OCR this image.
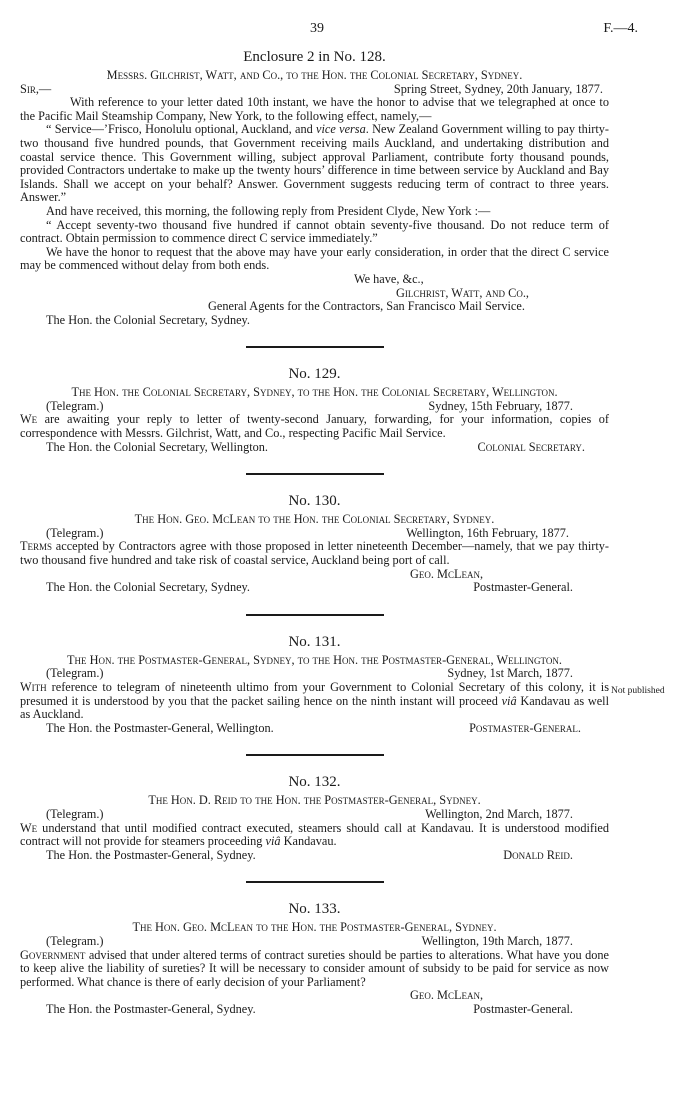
39	F.—4.
Enclosure 2 in No. 128.

Messrs. Gilchrist, Watt, and Co., to the Hon. the Colonial Secretary, Sydney.

Sir,—	Spring Street, Sydney, 20th January, 1877.

With reference to your letter dated 10th instant, we have the honor to advise that we telegraphed at once to the Pacific Mail Steamship Company, New York, to the following effect, namely,—

“ Service—’Frisco, Honolulu optional, Auckland, and vice versa. New Zealand Government willing to pay thirty-two thousand five hundred pounds, that Government receiving mails Auckland, and undertaking distribution and coastal service thence. This Government willing, subject approval Parliament, contribute forty thousand pounds, provided Contractors undertake to make up the twenty hours’ difference in time between service by Auckland and Bay Islands. Shall we accept on your behalf? Answer. Government suggests reducing term of contract to three years. Answer.”

And have received, this morning, the following reply from President Clyde, New York :—

“ Accept seventy-two thousand five hundred if cannot obtain seventy-five thousand. Do not reduce term of contract. Obtain permission to commence direct C service immediately.”

We have the honor to request that the above may have your early consideration, in order that the direct C service may be commenced without delay from both ends.

We have, &c.,

Gilchrist, Watt, and Co.,

General Agents for the Contractors, San Francisco Mail Service.

The Hon. the Colonial Secretary, Sydney.

No. 129.

The Hon. the Colonial Secretary, Sydney, to the Hon. the Colonial Secretary, Wellington.

(Telegram.)	Sydney, 15th February, 1877.

We are awaiting your reply to letter of twenty-second January, forwarding, for your information, copies of correspondence with Messrs. Gilchrist, Watt, and Co., respecting Pacific Mail Service.

The Hon. the Colonial Secretary, Wellington.	Colonial Secretary.
No. 130.

The Hon. Geo. McLean to the Hon. the Colonial Secretary, Sydney.

(Telegram.)	Wellington, 16th February, 1877.

Terms accepted by Contractors agree with those proposed in letter nineteenth December—namely, that we pay thirty-two thousand five hundred and take risk of coastal service, Auckland being port of call.

Geo. McLean,

The Hon. the Colonial Secretary, Sydney.	Postmaster-General.
No. 131.

The Hon. the Postmaster-General, Sydney, to the Hon. the Postmaster-General, Wellington.

(Telegram.)	Sydney, 1st March, 1877.

With reference to telegram of nineteenth ultimo from your Government to Colonial Secretary of this colony, it is presumed it is understood by you that the packet sailing hence on the ninth instant will proceed viâ Kandavau as well as Auckland.

Not published
The Hon. the Postmaster-General, Wellington.	Postmaster-General.
No. 132.

The Hon. D. Reid to the Hon. the Postmaster-General, Sydney.

(Telegram.)	Wellington, 2nd March, 1877.

We understand that until modified contract executed, steamers should call at Kandavau. It is understood modified contract will not provide for steamers proceeding viâ Kandavau.

The Hon. the Postmaster-General, Sydney.	Donald Reid.
No. 133.

The Hon. Geo. McLean to the Hon. the Postmaster-General, Sydney.

(Telegram.)	Wellington, 19th March, 1877.

Government advised that under altered terms of contract sureties should be parties to alterations. What have you done to keep alive the liability of sureties? It will be necessary to consider amount of subsidy to be paid for service as now performed. What chance is there of early decision of your Parliament?

Geo. McLean,

The Hon. the Postmaster-General, Sydney.	Postmaster-General.
